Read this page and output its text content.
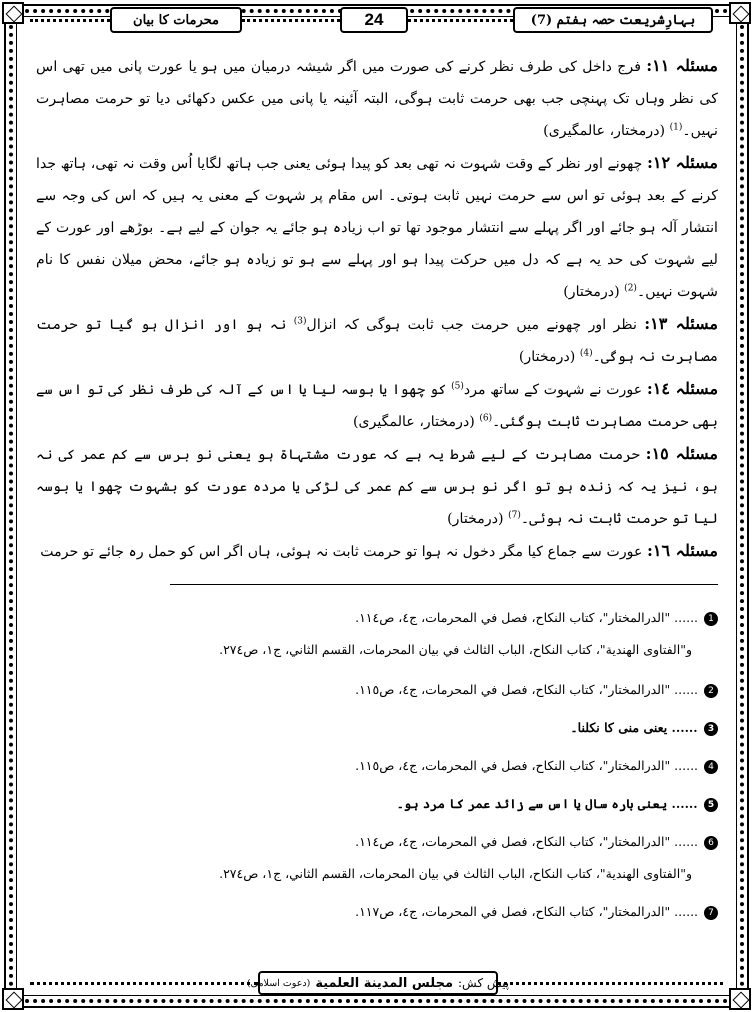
بہارِشریعت حصہ ہفتم (7)
24
محرمات کا بیان

مسئلہ ١١: فرج داخل کی طرف نظر کرنے کی صورت میں اگر شیشہ درمیان میں ہو یا عورت پانی میں تھی اس کی نظر وہاں تک پہنچی جب بھی حرمت ثابت ہوگی، البتہ آئینہ یا پانی میں عکس دکھائی دیا تو حرمت مصاہرت نہیں۔$^{(1)}$ (درمختار، عالمگیری)

مسئلہ ١٢: چھونے اور نظر کے وقت شہوت نہ تھی بعد کو پیدا ہوئی یعنی جب ہاتھ لگایا اُس وقت نہ تھی، ہاتھ جدا کرنے کے بعد ہوئی تو اس سے حرمت نہیں ثابت ہوتی۔ اس مقام پر شہوت کے معنی یہ ہیں کہ اس کی وجہ سے انتشار آلہ ہو جائے اور اگر پہلے سے انتشار موجود تھا تو اب زیادہ ہو جائے یہ جوان کے لیے ہے۔ بوڑھے اور عورت کے لیے شہوت کی حد یہ ہے کہ دل میں حرکت پیدا ہو اور پہلے سے ہو تو زیادہ ہو جائے، محض میلان نفس کا نام شہوت نہیں۔$^{(2)}$ (درمختار)

مسئلہ ١٣: نظر اور چھونے میں حرمت جب ثابت ہوگی کہ انزال$^{(3)}$ نہ ہو اور انزال ہو گیا تو حرمت مصاہرت نہ ہوگی۔$^{(4)}$ (درمختار)

مسئلہ ١٤: عورت نے شہوت کے ساتھ مرد$^{(5)}$ کو چھوا یا بوسہ لیا یا اس کے آلہ کی طرف نظر کی تو اس سے بھی حرمت مصاہرت ثابت ہوگئی۔$^{(6)}$ (درمختار، عالمگیری)

مسئلہ ١٥: حرمت مصاہرت کے لیے شرط یہ ہے کہ عورت مشتہاۃ ہو یعنی نو برس سے کم عمر کی نہ ہو، نیز یہ کہ زندہ ہو تو اگر نو برس سے کم عمر کی لڑکی یا مردہ عورت کو بشہوت چھوا یا بوسہ لیا تو حرمت ثابت نہ ہوئی۔$^{(7)}$ (درمختار)

مسئلہ ١٦: عورت سے جماع کیا مگر دخول نہ ہوا تو حرمت ثابت نہ ہوئی، ہاں اگر اس کو حمل رہ جائے تو حرمت

1 ...... "الدرالمختار"، كتاب النكاح، فصل في المحرمات، ج٤، ص١١٤.
و"الفتاوى الهندية"، كتاب النكاح، الباب الثالث في بيان المحرمات، القسم الثاني، ج١، ص٢٧٤.
2 ...... "الدرالمختار"، كتاب النكاح، فصل في المحرمات، ج٤، ص١١٥.
3 ...... یعنی منی کا نکلنا۔
4 ...... "الدرالمختار"، كتاب النكاح، فصل في المحرمات، ج٤، ص١١٥.
5 ...... یعنی بارہ سال یا اس سے زائد عمر کا مرد ہو۔
6 ...... "الدرالمختار"، كتاب النكاح، فصل في المحرمات، ج٤، ص١١٤.
و"الفتاوى الهندية"، كتاب النكاح، الباب الثالث في بيان المحرمات، القسم الثاني، ج١، ص٢٧٤.
7 ...... "الدرالمختار"، كتاب النكاح، فصل في المحرمات، ج٤، ص١١٧.
پیش کش:
مجلس المدينة العلمية
(دعوت اسلامی)
